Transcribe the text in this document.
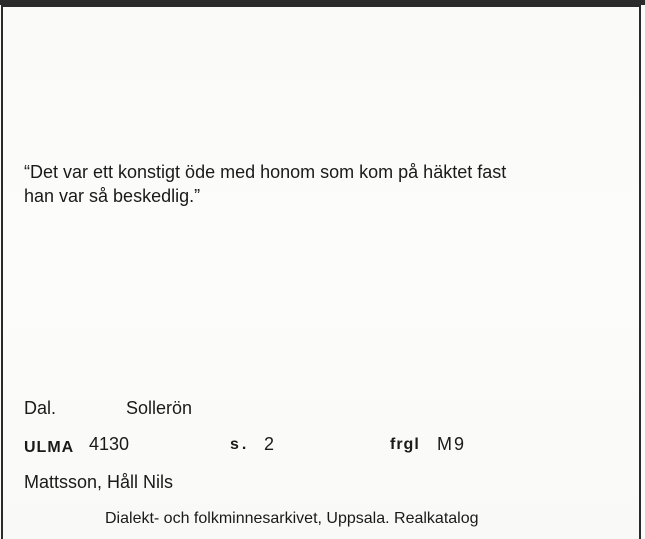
“Det var ett konstigt öde med honom som kom på häktet fast
han var så beskedlig.”
Dal.	Sollerön
ULMA 4130	s. 2	frgl M9
Mattsson, Håll Nils
Dialekt- och folkminnesarkivet, Uppsala. Realkatalog
